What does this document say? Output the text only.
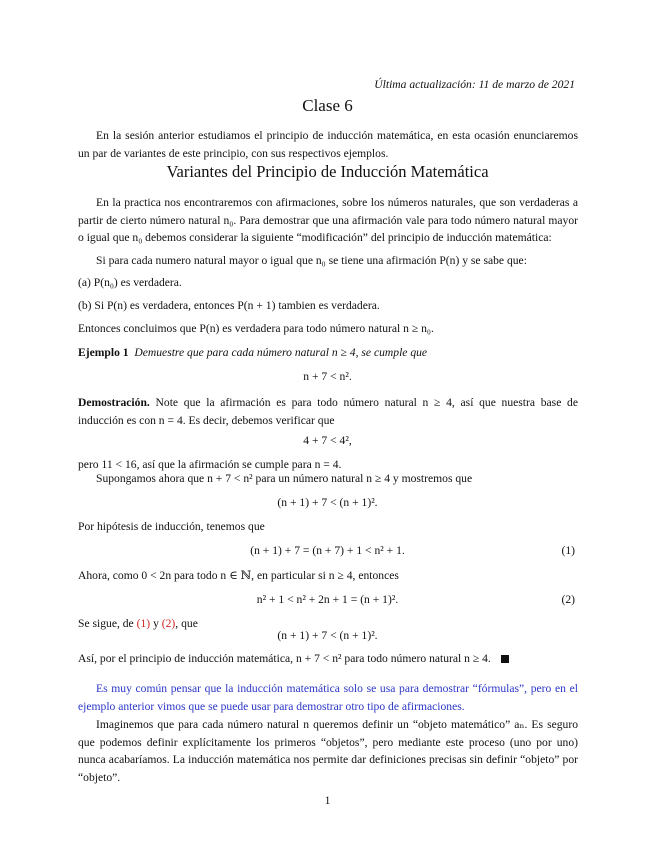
Última actualización: 11 de marzo de 2021
Clase 6
En la sesión anterior estudiamos el principio de inducción matemática, en esta ocasión enunciaremos un par de variantes de este principio, con sus respectivos ejemplos.
Variantes del Principio de Inducción Matemática
En la practica nos encontraremos con afirmaciones, sobre los números naturales, que son verdaderas a partir de cierto número natural n₀. Para demostrar que una afirmación vale para todo número natural mayor o igual que n₀ debemos considerar la siguiente “modificación” del principio de inducción matemática:
Si para cada numero natural mayor o igual que n₀ se tiene una afirmación P(n) y se sabe que:
(a) P(n₀) es verdadera.
(b) Si P(n) es verdadera, entonces P(n + 1) tambien es verdadera.
Entonces concluimos que P(n) es verdadera para todo número natural n ≥ n₀.
Ejemplo 1 Demuestre que para cada número natural n ≥ 4, se cumple que
n + 7 < n².
Demostración. Note que la afirmación es para todo número natural n ≥ 4, así que nuestra base de inducción es con n = 4. Es decir, debemos verificar que
4 + 7 < 4²,
pero 11 < 16, así que la afirmación se cumple para n = 4.
Supongamos ahora que n + 7 < n² para un número natural n ≥ 4 y mostremos que
(n + 1) + 7 < (n + 1)².
Por hipótesis de inducción, tenemos que
(n + 1) + 7 = (n + 7) + 1 < n² + 1.	(1)
Ahora, como 0 < 2n para todo n ∈ ℕ, en particular si n ≥ 4, entonces
n² + 1 < n² + 2n + 1 = (n + 1)².	(2)
Se sigue, de (1) y (2), que
(n + 1) + 7 < (n + 1)².
Así, por el principio de inducción matemática, n + 7 < n² para todo número natural n ≥ 4.
Es muy común pensar que la inducción matemática solo se usa para demostrar “fórmulas”, pero en el ejemplo anterior vimos que se puede usar para demostrar otro tipo de afirmaciones.
Imaginemos que para cada número natural n queremos definir un “objeto matemático” aₙ. Es seguro que podemos definir explícitamente los primeros “objetos”, pero mediante este proceso (uno por uno) nunca acabaríamos. La inducción matemática nos permite dar definiciones precisas sin definir “objeto” por “objeto”.
1
